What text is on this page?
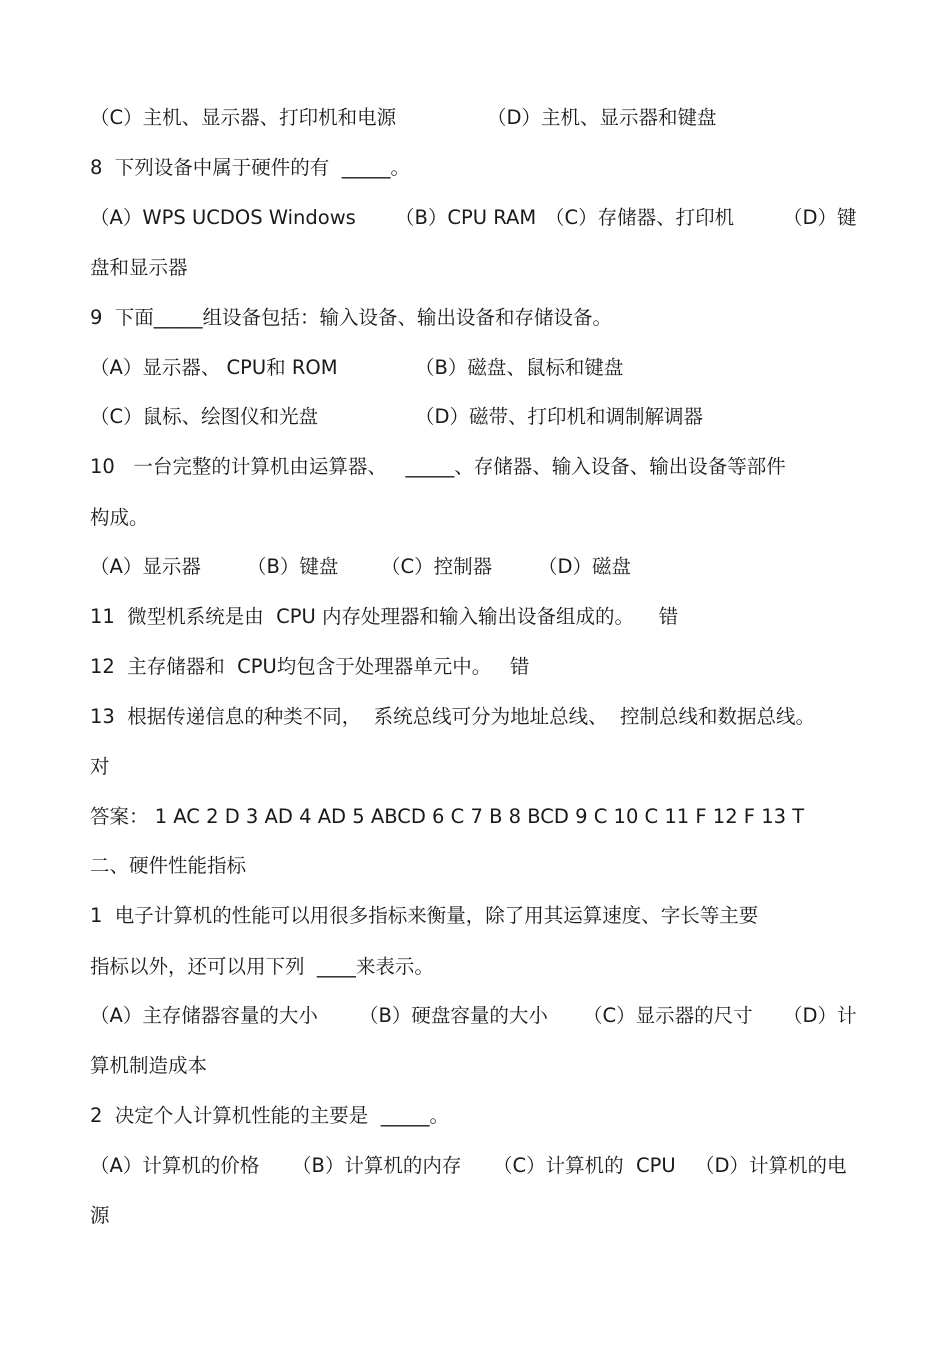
（C）主机、显示器、打印机和电源	（D）主机、显示器和键盘
8  下列设备中属于硬件的有  _____。
（A）WPS UCDOS Windows （B）CPU RAM （C）存储器、打印机	（D）键
盘和显示器
9  下面_____组设备包括：输入设备、输出设备和存储设备。
（A）显示器、 CPU和 ROM	（B）磁盘、鼠标和键盘
（C）鼠标、绘图仪和光盘	（D）磁带、打印机和调制解调器
10   一台完整的计算机由运算器、   _____、存储器、输入设备、输出设备等部件
构成。
（A）显示器 （B）键盘 （C）控制器 （D）磁盘
11  微型机系统是由  CPU 内存处理器和输入输出设备组成的。    错
12  主存储器和  CPU均包含于处理器单元中。   错
13  根据传递信息的种类不同，  系统总线可分为地址总线、  控制总线和数据总线。
对
答案： 1 AC 2 D 3 AD 4 AD 5 ABCD 6 C 7 B 8 BCD 9 C 10 C 11 F 12 F 13 T
二、硬件性能指标
1  电子计算机的性能可以用很多指标来衡量，除了用其运算速度、字长等主要
指标以外，还可以用下列  ____来表示。
（A）主存储器容量的大小 （B）硬盘容量的大小 （C）显示器的尺寸 （D）计
算机制造成本
2  决定个人计算机性能的主要是  _____。
（A）计算机的价格 （B）计算机的内存 （C）计算机的  CPU （D）计算机的电
源
